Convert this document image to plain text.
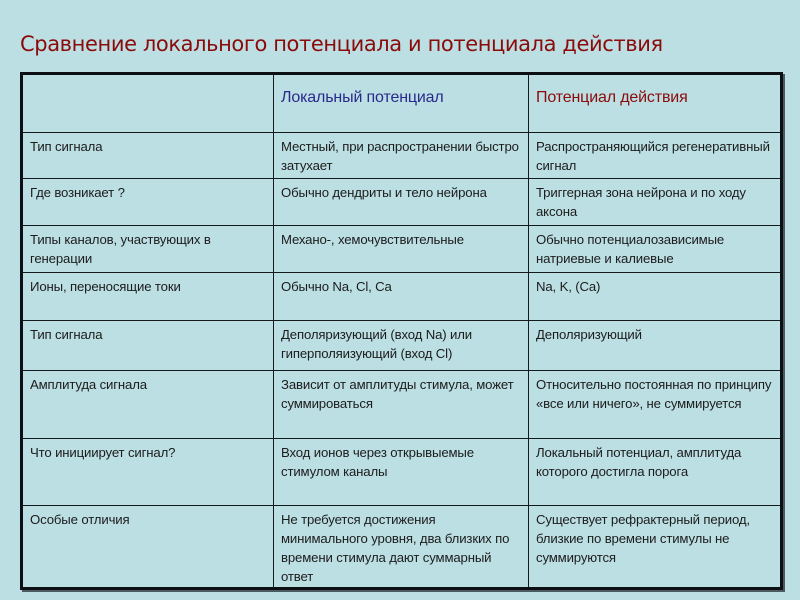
Сравнение локального потенциала и потенциала действия
	Локальный потенциал	Потенциал действия
Тип сигнала	Местный, при распространении быстро затухает	Распространяющийся регенеративный сигнал
Где возникает ?	Обычно дендриты и тело нейрона	Триггерная зона нейрона и по ходу аксона
Типы каналов, участвующих в генерации	Механо-, хемочувствительные	Обычно потенциалозависимые натриевые и калиевые
Ионы, переносящие токи	Обычно Na, Cl, Ca	Na, K, (Ca)
Тип сигнала	Деполяризующий (вход Na) или гиперполяизующий (вход Cl)	Деполяризующий
Амплитуда сигнала	Зависит от амплитуды стимула, может суммироваться	Относительно постоянная по принципу «все или ничего», не суммируется
Что инициирует сигнал?	Вход ионов через открывыемые стимулом каналы	Локальный потенциал, амплитуда которого достигла порога
Особые отличия	Не требуется достижения минимального уровня, два близких по времени стимула дают суммарный ответ	Существует рефрактерный период, близкие по времени стимулы не суммируются
